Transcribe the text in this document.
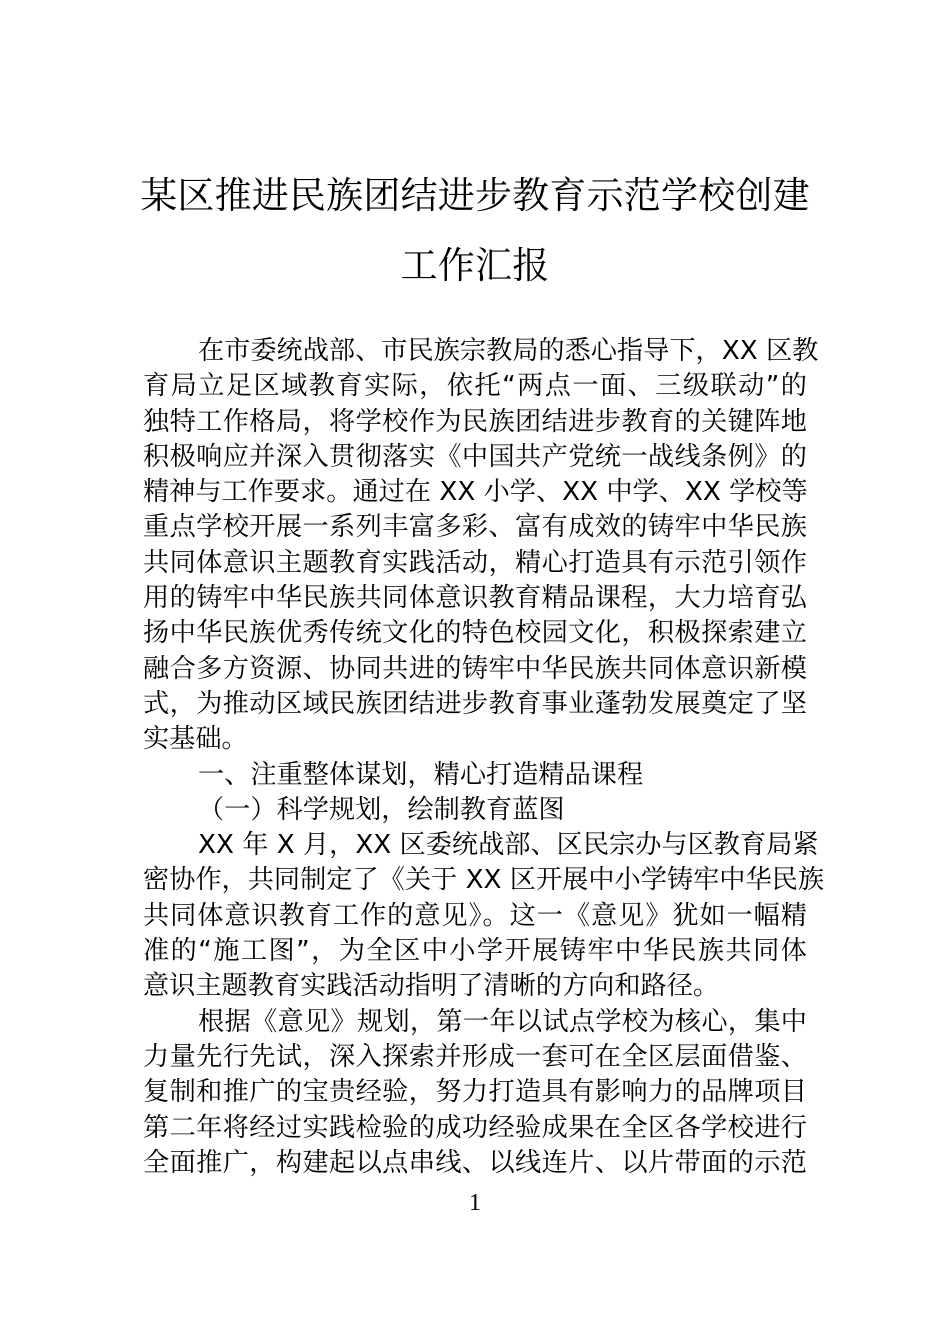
某区推进民族团结进步教育示范学校创建
工作汇报
在市委统战部、市民族宗教局的悉心指导下，XX 区教
育局立足区域教育实际，依托“两点一面、三级联动”的
独特工作格局，将学校作为民族团结进步教育的关键阵地
积极响应并深入贯彻落实《中国共产党统一战线条例》的
精神与工作要求。通过在 XX 小学、XX 中学、XX 学校等
重点学校开展一系列丰富多彩、富有成效的铸牢中华民族
共同体意识主题教育实践活动，精心打造具有示范引领作
用的铸牢中华民族共同体意识教育精品课程，大力培育弘
扬中华民族优秀传统文化的特色校园文化，积极探索建立
融合多方资源、协同共进的铸牢中华民族共同体意识新模
式，为推动区域民族团结进步教育事业蓬勃发展奠定了坚
实基础。
一、注重整体谋划，精心打造精品课程
（一）科学规划，绘制教育蓝图
XX 年 X 月，XX 区委统战部、区民宗办与区教育局紧
密协作，共同制定了《关于 XX 区开展中小学铸牢中华民族
共同体意识教育工作的意见》。这一《意见》犹如一幅精
准的“施工图”，为全区中小学开展铸牢中华民族共同体
意识主题教育实践活动指明了清晰的方向和路径。
根据《意见》规划，第一年以试点学校为核心，集中
力量先行先试，深入探索并形成一套可在全区层面借鉴、
复制和推广的宝贵经验，努力打造具有影响力的品牌项目
第二年将经过实践检验的成功经验成果在全区各学校进行
全面推广，构建起以点串线、以线连片、以片带面的示范
1
